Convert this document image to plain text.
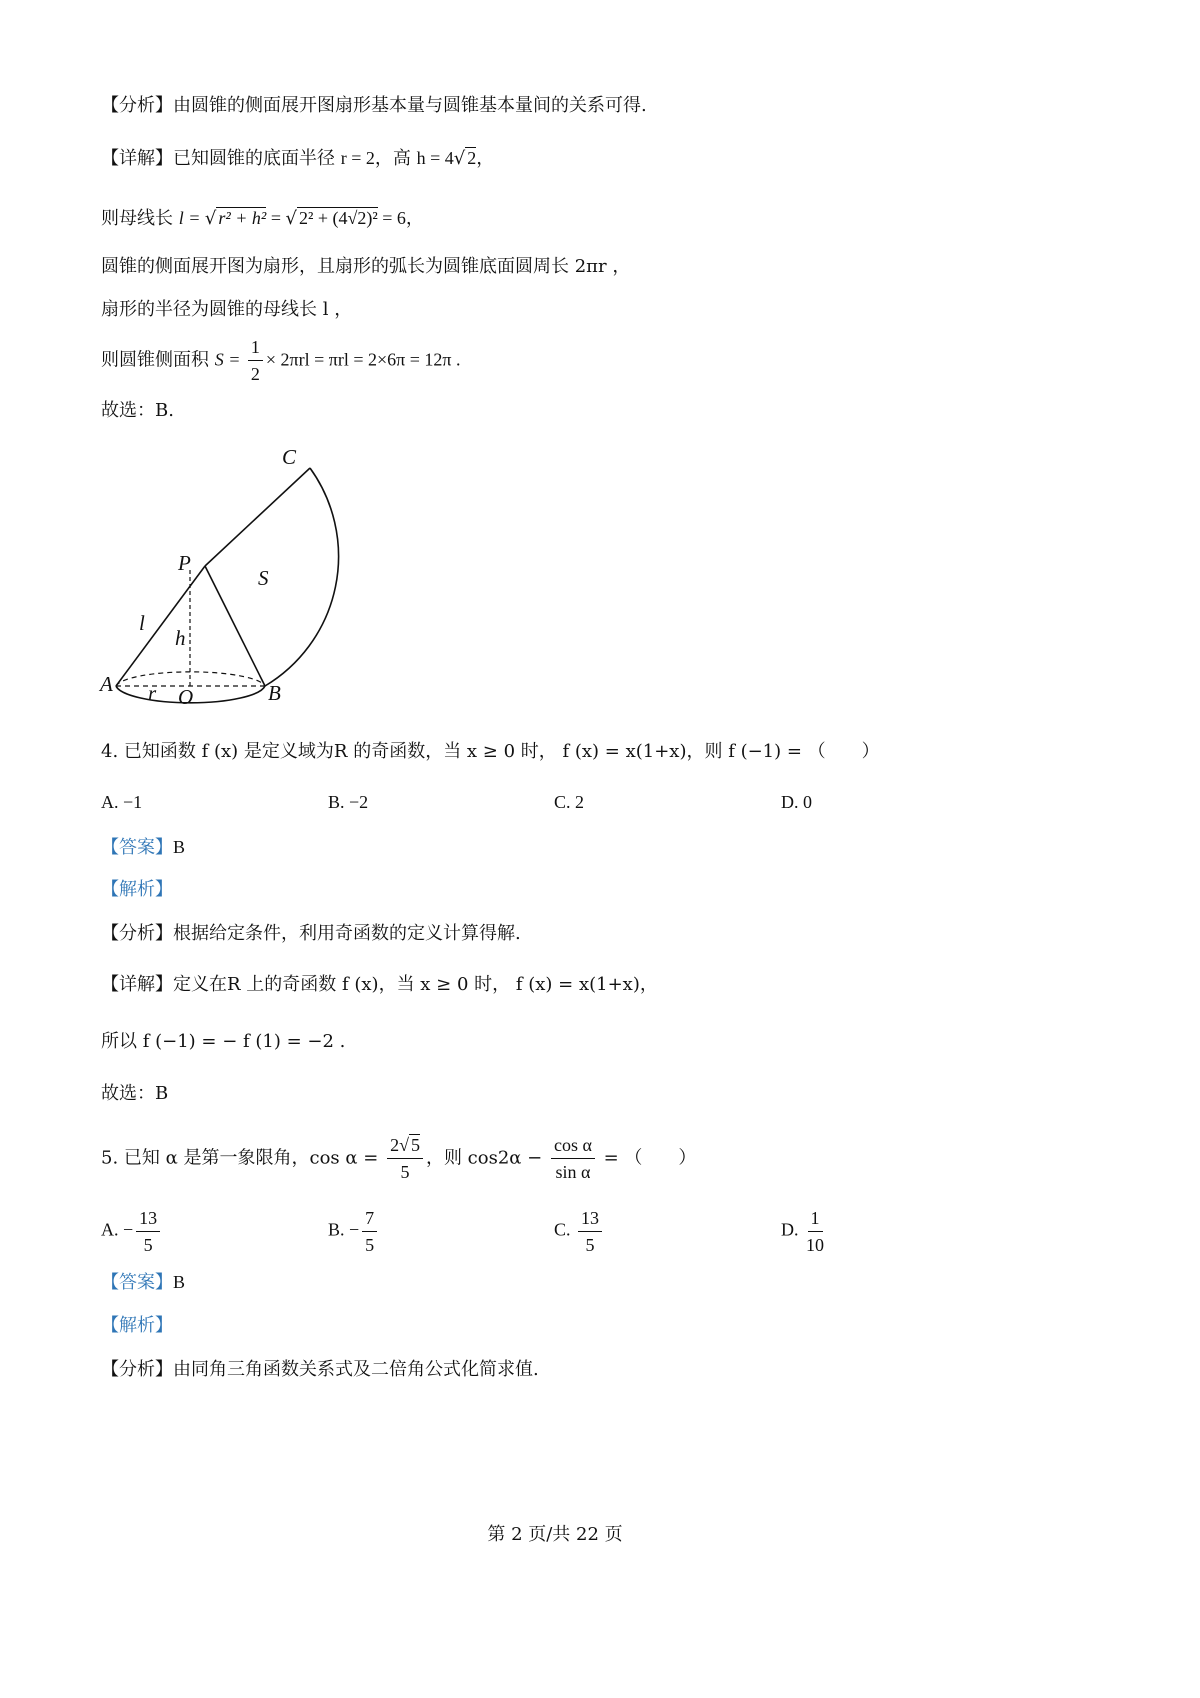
【分析】由圆锥的侧面展开图扇形基本量与圆锥基本量间的关系可得.
【详解】已知圆锥的底面半径 r = 2，高 h = 4√ 2，
则母线长 l = √ r² + h² = √ 2² + (4√2)² = 6，
圆锥的侧面展开图为扇形，且扇形的弧长为圆锥底面圆周长 2πr ，
扇形的半径为圆锥的母线长 l ，
则圆锥侧面积 $S = \frac{1}{2} \times 2\pi rl = \pi rl = 2\times 6\pi = 12\pi$ .
故选：B.
C
P
S
l
h
A r O	B
4. 已知函数 f (x) 是定义域为R 的奇函数，当 x ≥ 0 时， f (x) = x(1+x)，则 f (−1) = （　　）
A. −1	B. −2	C. 2	D. 0
【答案】B
【解析】
【分析】根据给定条件，利用奇函数的定义计算得解.
【详解】定义在R 上的奇函数 f (x)，当 x ≥ 0 时， f (x) = x(1+x)，
所以 f (−1) = − f (1) = −2 .
故选：B
5. 已知 α 是第一象限角，$\cos \alpha = \frac{2√ 5}{5}$ ，则 $\cos 2\alpha - \frac{\text{cos α}}{\text{sin α}}$ = （　　）
A. − $\frac{13}{5}$	B. − $\frac{7}{5}$	C. $\frac{13}{5}$	D. $\frac{1}{10}$
【答案】B
【解析】
【分析】由同角三角函数关系式及二倍角公式化简求值.
第 2 页/共 22 页
